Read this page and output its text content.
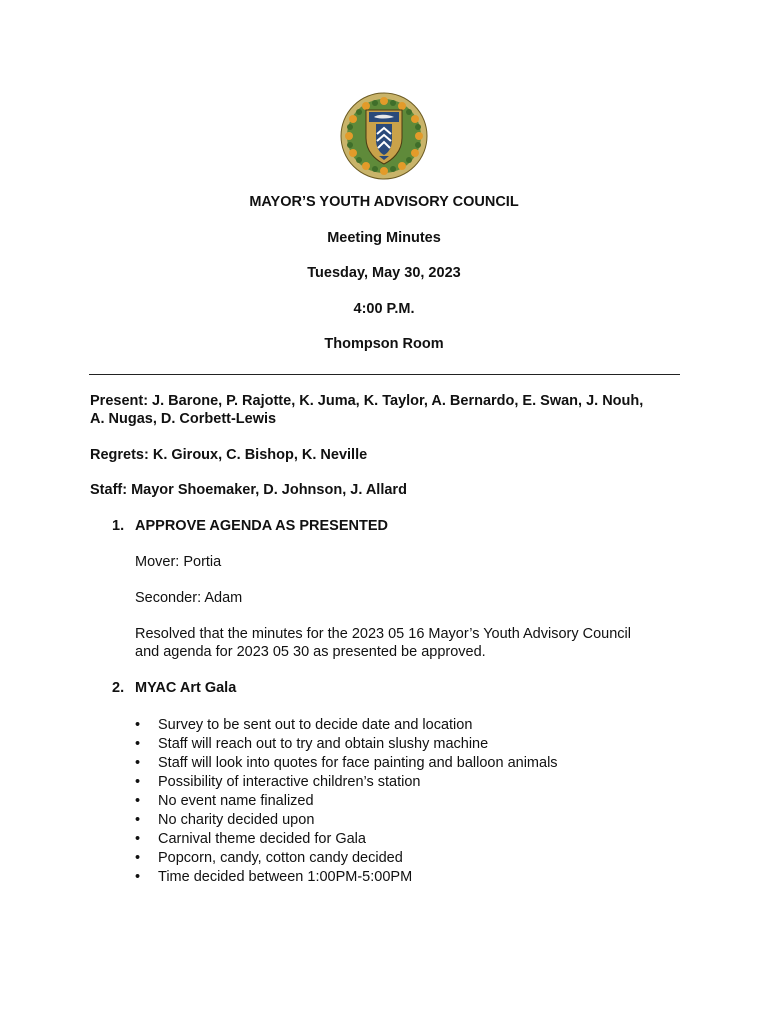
MAYOR’S YOUTH ADVISORY COUNCIL
Meeting Minutes
Tuesday, May 30, 2023
4:00 P.M.
Thompson Room
Present: J. Barone, P. Rajotte, K. Juma, K. Taylor, A. Bernardo, E. Swan, J. Nouh,
A. Nugas, D. Corbett-Lewis
Regrets: K. Giroux, C. Bishop, K. Neville
Staff: Mayor Shoemaker, D. Johnson, J. Allard
1. APPROVE AGENDA AS PRESENTED
Mover: Portia
Seconder: Adam
Resolved that the minutes for the 2023 05 16 Mayor’s Youth Advisory Council
and agenda for 2023 05 30 as presented be approved.
2. MYAC Art Gala
•	Survey to be sent out to decide date and location
•	Staff will reach out to try and obtain slushy machine
•	Staff will look into quotes for face painting and balloon animals
•	Possibility of interactive children’s station
•	No event name finalized
•	No charity decided upon
•	Carnival theme decided for Gala
•	Popcorn, candy, cotton candy decided
•	Time decided between 1:00PM-5:00PM
